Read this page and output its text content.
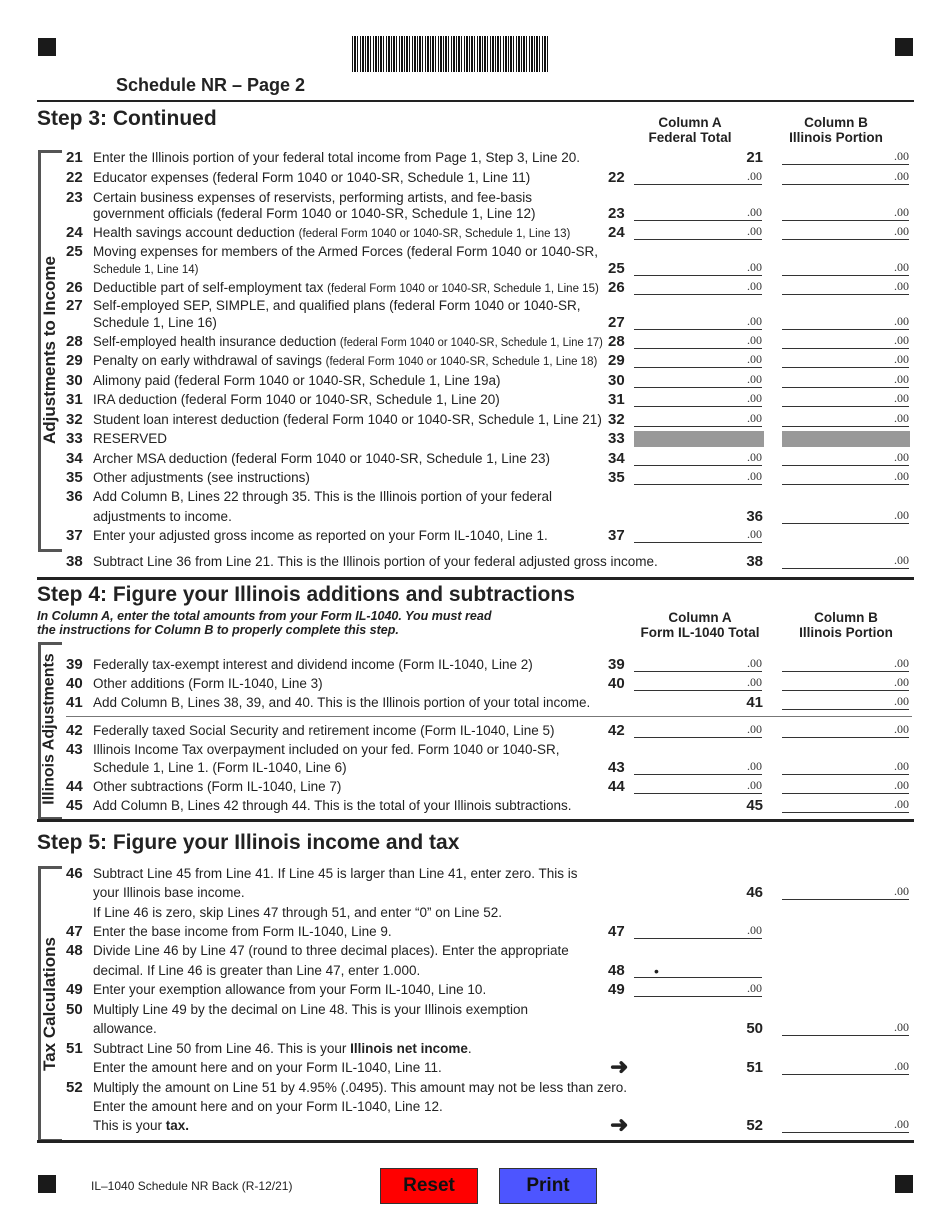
Schedule NR – Page 2
Step 3: Continued	Column A
Federal Total
Column B
Illinois Portion
Adjustments to Income
Step 4: Figure your Illinois additions and subtractions
In Column A, enter the total amounts from your Form IL-1040. You must read
the instructions for Column B to properly complete this step.
Column A
Form IL-1040 Total
Column B
Illinois Portion
Illinois Adjustments
Step 5: Figure your Illinois income and tax
Tax Calculations
21 Enter the Illinois portion of your federal total income from Page 1, Step 3, Line 20.	21	.00
22 Educator expenses (federal Form 1040 or 1040-SR, Schedule 1, Line 11)	22	.00	.00
23 Certain business expenses of reservists, performing artists, and fee-basis
government officials (federal Form 1040 or 1040-SR, Schedule 1, Line 12)	23	.00	.00
24 Health savings account deduction (federal Form 1040 or 1040-SR, Schedule 1, Line 13)	24	.00	.00
25 Moving expenses for members of the Armed Forces (federal Form 1040 or 1040-SR,
Schedule 1, Line 14)	25	.00	.00
26 Deductible part of self-employment tax (federal Form 1040 or 1040-SR, Schedule 1, Line 15) 26	.00	.00
27 Self-employed SEP, SIMPLE, and qualified plans (federal Form 1040 or 1040-SR,
Schedule 1, Line 16)	27	.00	.00
28 Self-employed health insurance deduction (federal Form 1040 or 1040-SR, Schedule 1, Line 17) 28	.00	.00
29 Penalty on early withdrawal of savings (federal Form 1040 or 1040-SR, Schedule 1, Line 18) 29	.00	.00
30 Alimony paid (federal Form 1040 or 1040-SR, Schedule 1, Line 19a)	30	.00	.00
31 IRA deduction (federal Form 1040 or 1040-SR, Schedule 1, Line 20)	31	.00	.00
32 Student loan interest deduction (federal Form 1040 or 1040-SR, Schedule 1, Line 21) 32	.00	.00
33 RESERVED	33
34 Archer MSA deduction (federal Form 1040 or 1040-SR, Schedule 1, Line 23)	34	.00	.00
35 Other adjustments (see instructions)	35	.00	.00
36 Add Column B, Lines 22 through 35. This is the Illinois portion of your federal
adjustments to income.	36	.00
37 Enter your adjusted gross income as reported on your Form IL-1040, Line 1.	37	.00
38 Subtract Line 36 from Line 21. This is the Illinois portion of your federal adjusted gross income.	38	.00
39 Federally tax-exempt interest and dividend income (Form IL-1040, Line 2)	39	.00	.00
40 Other additions (Form IL-1040, Line 3)	40	.00	.00
41 Add Column B, Lines 38, 39, and 40. This is the Illinois portion of your total income.	41	.00
42 Federally taxed Social Security and retirement income (Form IL-1040, Line 5)	42	.00	.00
43 Illinois Income Tax overpayment included on your fed. Form 1040 or 1040-SR,
Schedule 1, Line 1. (Form IL-1040, Line 6)	43	.00	.00
44 Other subtractions (Form IL-1040, Line 7)	44	.00	.00
45 Add Column B, Lines 42 through 44. This is the total of your Illinois subtractions.	45	.00
46 Subtract Line 45 from Line 41. If Line 45 is larger than Line 41, enter zero. This is
your Illinois base income.
If Line 46 is zero, skip Lines 47 through 51, and enter “0” on Line 52.
46	.00
47 Enter the base income from Form IL-1040, Line 9.	47	.00
48 Divide Line 46 by Line 47 (round to three decimal places). Enter the appropriate
decimal. If Line 46 is greater than Line 47, enter 1.000.	48	•
49 Enter your exemption allowance from your Form IL-1040, Line 10.	49	.00
50 Multiply Line 49 by the decimal on Line 48. This is your Illinois exemption
allowance.	50	.00
51 Subtract Line 50 from Line 46. This is your Illinois net income.
Enter the amount here and on your Form IL-1040, Line 11.	51	.00
➜
52 Multiply the amount on Line 51 by 4.95% (.0495). This amount may not be less than zero.
Enter the amount here and on your Form IL-1040, Line 12.
This is your tax.	52	.00
➜
IL–1040 Schedule NR Back (R-12/21)	Reset	Print
